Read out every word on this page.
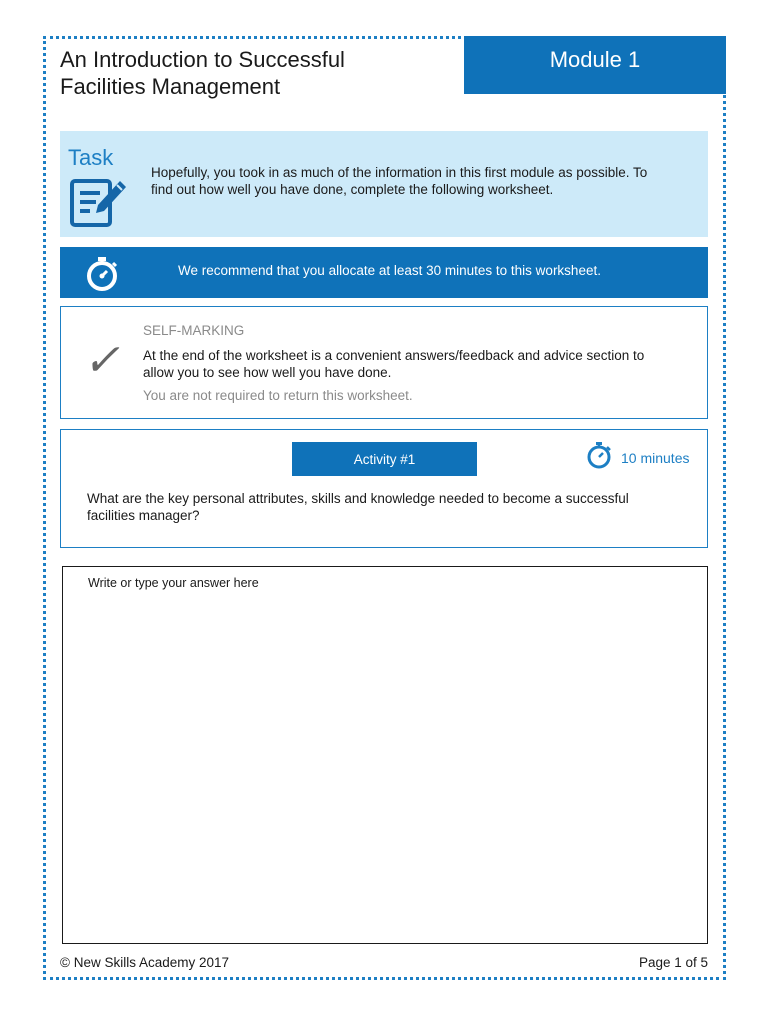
An Introduction to Successful
Facilities Management
Module 1
Task
Hopefully, you took in as much of the information in this first module as possible. To find out how well you have done, complete the following worksheet.
We recommend that you allocate at least 30 minutes to this worksheet.
✓
SELF-MARKING
At the end of the worksheet is a convenient answers/feedback and advice section to allow you to see how well you have done.
You are not required to return this worksheet.
Activity #1	10 minutes
What are the key personal attributes, skills and knowledge needed to become a successful facilities manager?
Write or type your answer here
© New Skills Academy 2017	Page 1 of 5
